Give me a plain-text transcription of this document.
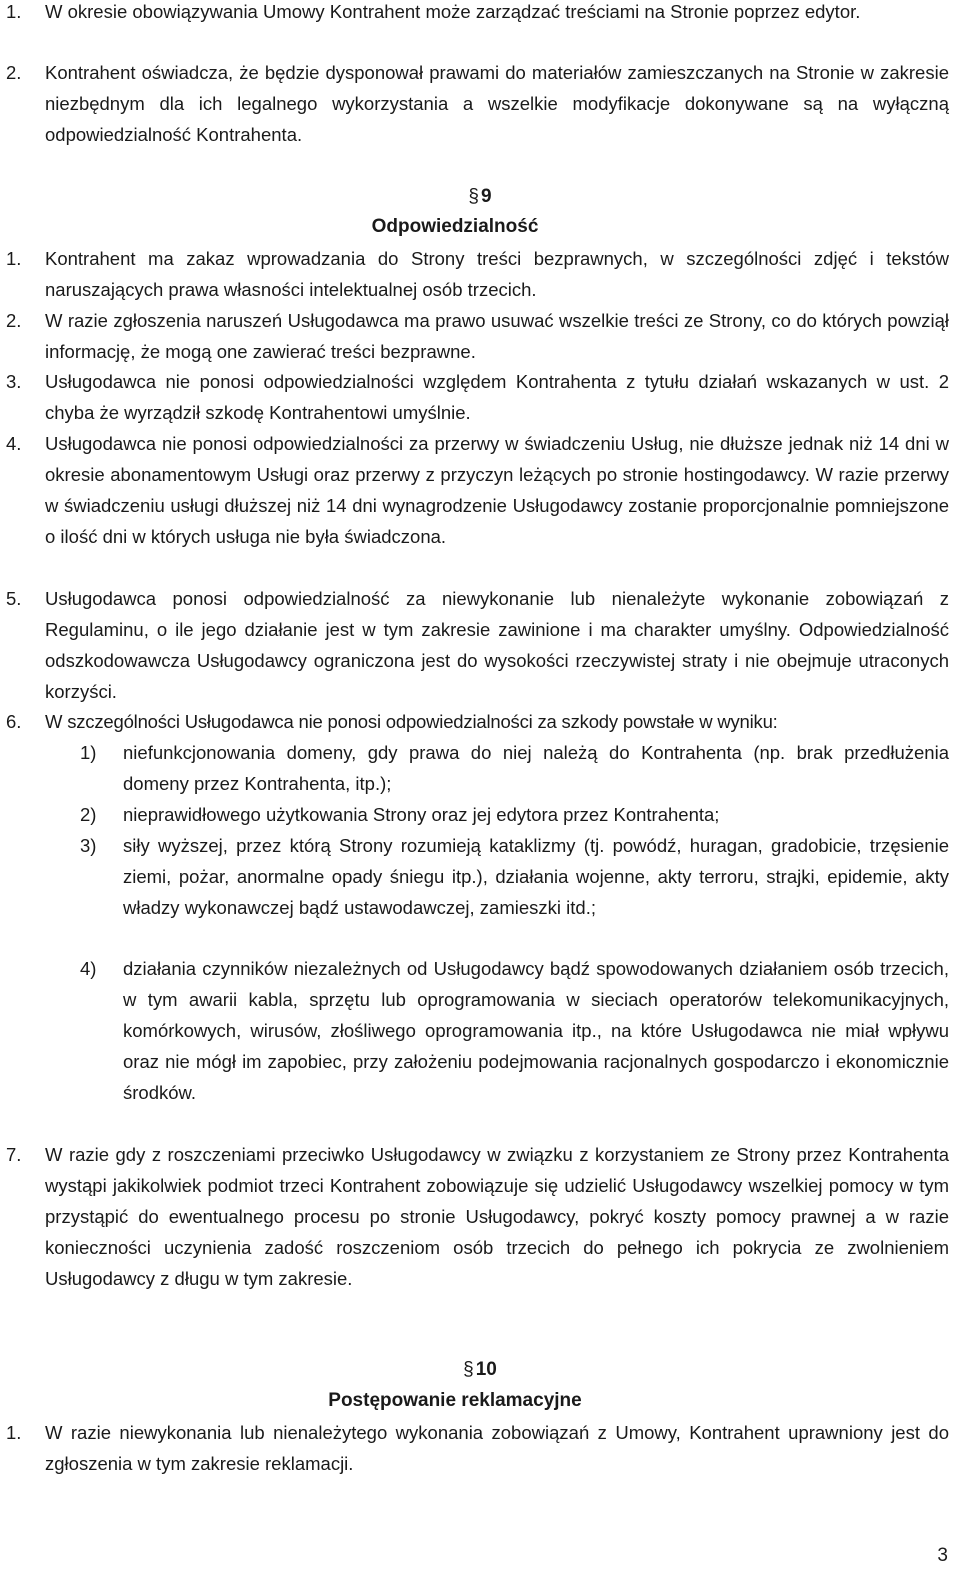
1. W okresie obowiązywania Umowy Kontrahent może zarządzać treściami na Stronie poprzez edytor.
2. Kontrahent oświadcza, że będzie dysponował prawami do materiałów zamieszczanych na Stronie w zakresie niezbędnym dla ich legalnego wykorzystania a wszelkie modyfikacje dokonywane są na wyłączną odpowiedzialność Kontrahenta.
§ 9
Odpowiedzialność
1. Kontrahent ma zakaz wprowadzania do Strony treści bezprawnych, w szczególności zdjęć i tekstów naruszających prawa własności intelektualnej osób trzecich.
2. W razie zgłoszenia naruszeń Usługodawca ma prawo usuwać wszelkie treści ze Strony, co do których powziął informację, że mogą one zawierać treści bezprawne.
3. Usługodawca nie ponosi odpowiedzialności względem Kontrahenta z tytułu działań wskazanych w ust. 2 chyba że wyrządził szkodę Kontrahentowi umyślnie.
4. Usługodawca nie ponosi odpowiedzialności za przerwy w świadczeniu Usług, nie dłuższe jednak niż 14 dni w okresie abonamentowym Usługi oraz przerwy z przyczyn leżących po stronie hostingodawcy. W razie przerwy w świadczeniu usługi dłuższej niż 14 dni wynagrodzenie Usługodawcy zostanie proporcjonalnie pomniejszone o ilość dni w których usługa nie była świadczona.
5. Usługodawca ponosi odpowiedzialność za niewykonanie lub nienależyte wykonanie zobowiązań z Regulaminu, o ile jego działanie jest w tym zakresie zawinione i ma charakter umyślny. Odpowiedzialność odszkodowawcza Usługodawcy ograniczona jest do wysokości rzeczywistej straty i nie obejmuje utraconych korzyści.
6. W szczególności Usługodawca nie ponosi odpowiedzialności za szkody powstałe w wyniku:
1) niefunkcjonowania domeny, gdy prawa do niej należą do Kontrahenta (np. brak przedłużenia domeny przez Kontrahenta, itp.);
2) nieprawidłowego użytkowania Strony oraz jej edytora przez Kontrahenta;
3) siły wyższej, przez którą Strony rozumieją kataklizmy (tj. powódź, huragan, gradobicie, trzęsienie ziemi, pożar, anormalne opady śniegu itp.), działania wojenne, akty terroru, strajki, epidemie, akty władzy wykonawczej bądź ustawodawczej, zamieszki itd.;
4) działania czynników niezależnych od Usługodawcy bądź spowodowanych działaniem osób trzecich, w tym awarii kabla, sprzętu lub oprogramowania w sieciach operatorów telekomunikacyjnych, komórkowych, wirusów, złośliwego oprogramowania itp., na które Usługodawca nie miał wpływu oraz nie mógł im zapobiec, przy założeniu podejmowania racjonalnych gospodarczo i ekonomicznie środków.
7. W razie gdy z roszczeniami przeciwko Usługodawcy w związku z korzystaniem ze Strony przez Kontrahenta wystąpi jakikolwiek podmiot trzeci Kontrahent zobowiązuje się udzielić Usługodawcy wszelkiej pomocy w tym przystąpić do ewentualnego procesu po stronie Usługodawcy, pokryć koszty pomocy prawnej a w razie konieczności uczynienia zadość roszczeniom osób trzecich do pełnego ich pokrycia ze zwolnieniem Usługodawcy z długu w tym zakresie.
§ 10
Postępowanie reklamacyjne
1. W razie niewykonania lub nienależytego wykonania zobowiązań z Umowy, Kontrahent uprawniony jest do zgłoszenia w tym zakresie reklamacji.
3
